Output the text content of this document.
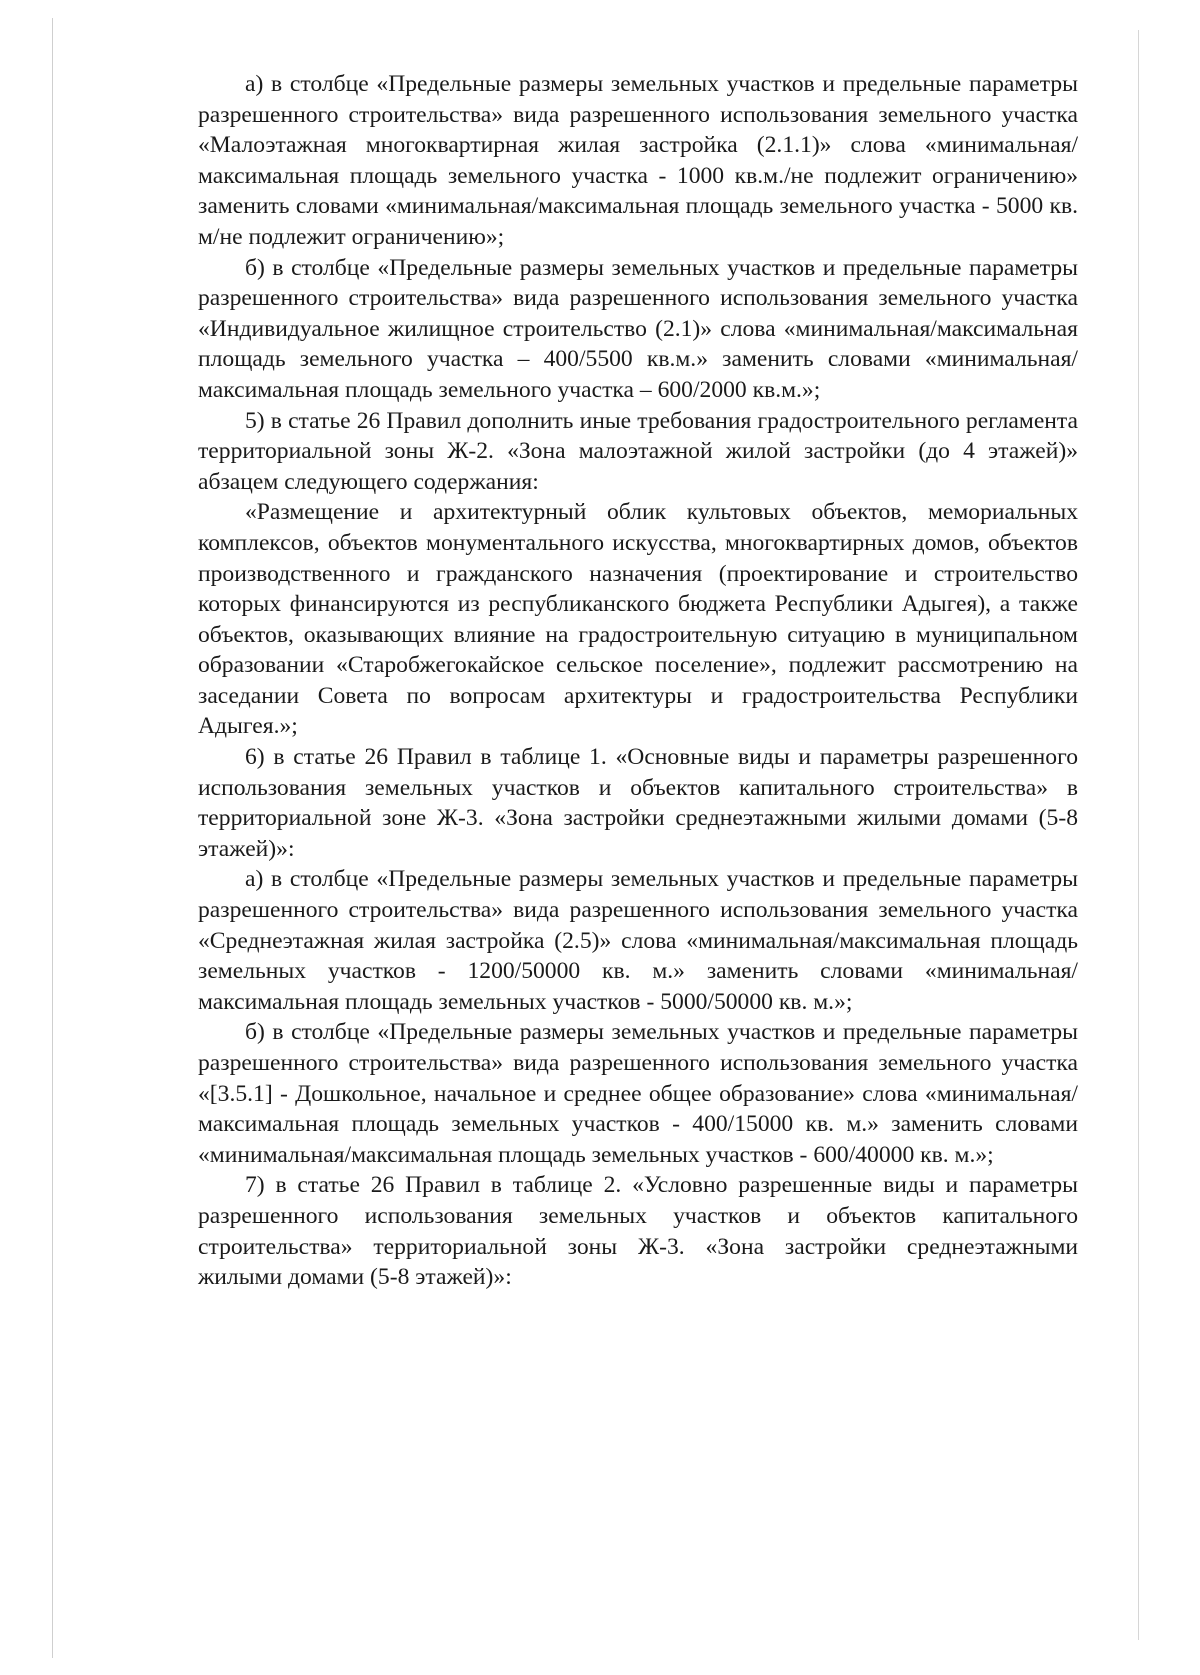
а) в столбце «Предельные размеры земельных участков и предельные параметры разрешенного строительства» вида разрешенного использования земельного участка «Малоэтажная многоквартирная жилая застройка (2.1.1)» слова «минимальная/максимальная площадь земельного участка - 1000 кв.м./не подлежит ограничению» заменить словами «минимальная/максимальная площадь земельного участка - 5000 кв. м/не подлежит ограничению»;

б) в столбце «Предельные размеры земельных участков и предельные параметры разрешенного строительства» вида разрешенного использования земельного участка «Индивидуальное жилищное строительство (2.1)» слова «минимальная/максимальная площадь земельного участка – 400/5500 кв.м.» заменить словами «минимальная/максимальная площадь земельного участка – 600/2000 кв.м.»;

5) в статье 26 Правил дополнить иные требования градостроительного регламента территориальной зоны Ж-2. «Зона малоэтажной жилой застройки (до 4 этажей)» абзацем следующего содержания:

«Размещение и архитектурный облик культовых объектов, мемориальных комплексов, объектов монументального искусства, многоквартирных домов, объектов производственного и гражданского назначения (проектирование и строительство которых финансируются из республиканского бюджета Республики Адыгея), а также объектов, оказывающих влияние на градостроительную ситуацию в муниципальном образовании «Старобжегокайское сельское поселение», подлежит рассмотрению на заседании Совета по вопросам архитектуры и градостроительства Республики Адыгея.»;

6) в статье 26 Правил в таблице 1. «Основные виды и параметры разрешенного использования земельных участков и объектов капитального строительства» в территориальной зоне Ж-3. «Зона застройки среднеэтажными жилыми домами (5-8 этажей)»:

а) в столбце «Предельные размеры земельных участков и предельные параметры разрешенного строительства» вида разрешенного использования земельного участка «Среднеэтажная жилая застройка (2.5)» слова «минимальная/максимальная площадь земельных участков - 1200/50000 кв. м.» заменить словами «минимальная/максимальная площадь земельных участков - 5000/50000 кв. м.»;

б) в столбце «Предельные размеры земельных участков и предельные параметры разрешенного строительства» вида разрешенного использования земельного участка «[3.5.1] - Дошкольное, начальное и среднее общее образование» слова «минимальная/максимальная площадь земельных участков - 400/15000 кв. м.» заменить словами «минимальная/максимальная площадь земельных участков - 600/40000 кв. м.»;

7) в статье 26 Правил в таблице 2. «Условно разрешенные виды и параметры разрешенного использования земельных участков и объектов капитального строительства» территориальной зоны Ж-3. «Зона застройки среднеэтажными жилыми домами (5-8 этажей)»:
